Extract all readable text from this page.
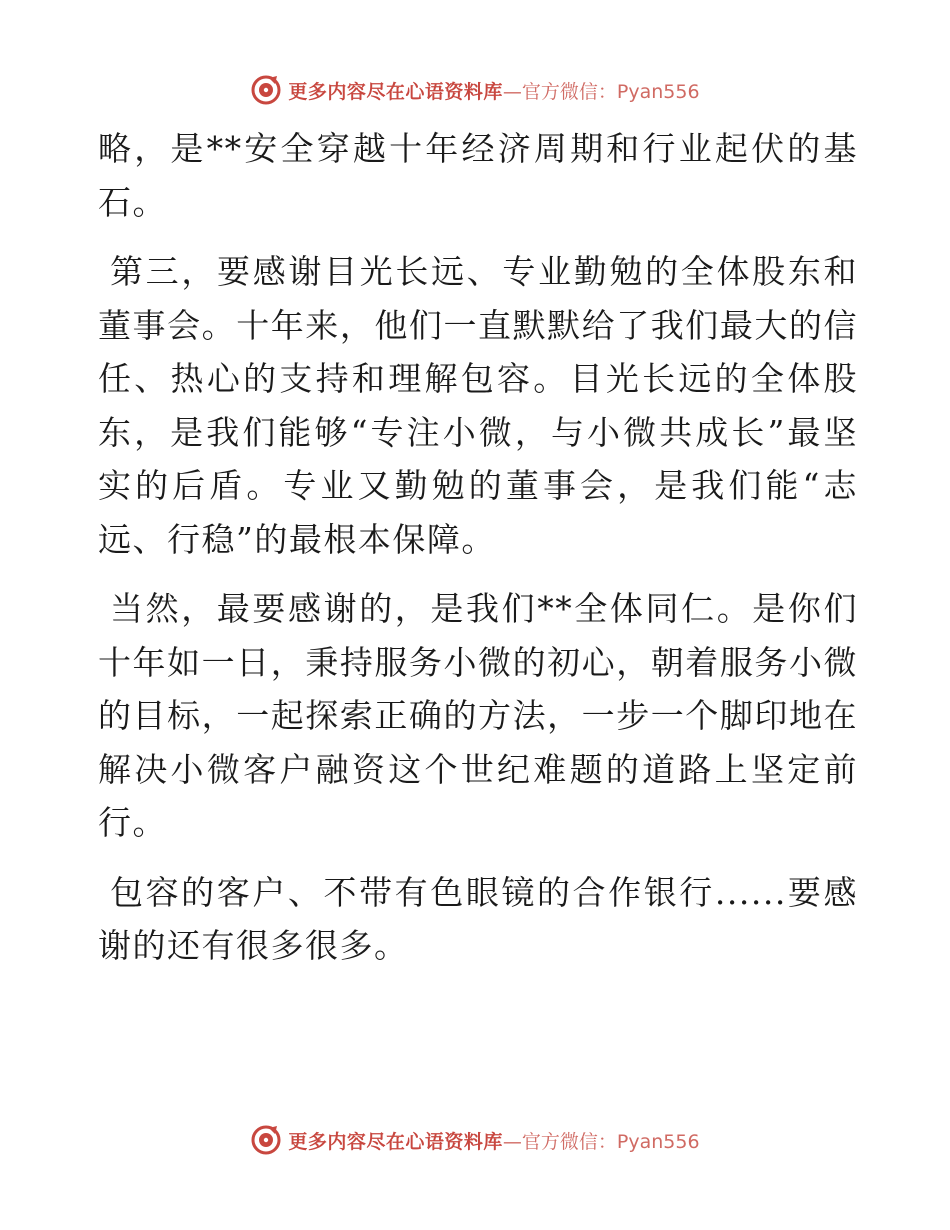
更多内容尽在心语资料库 —官方微信：Pyan556

略，是**安全穿越十年经济周期和行业起伏的基石。

第三，要感谢目光长远、专业勤勉的全体股东和董事会。十年来，他们一直默默给了我们最大的信任、热心的支持和理解包容。目光长远的全体股东，是我们能够“专注小微，与小微共成长”最坚实的后盾。专业又勤勉的董事会，是我们能“志远、行稳”的最根本保障。

当然，最要感谢的，是我们**全体同仁。是你们十年如一日，秉持服务小微的初心，朝着服务小微的目标，一起探索正确的方法，一步一个脚印地在解决小微客户融资这个世纪难题的道路上坚定前行。

包容的客户、不带有色眼镜的合作银行......要感谢的还有很多很多。

更多内容尽在心语资料库 —官方微信：Pyan556
